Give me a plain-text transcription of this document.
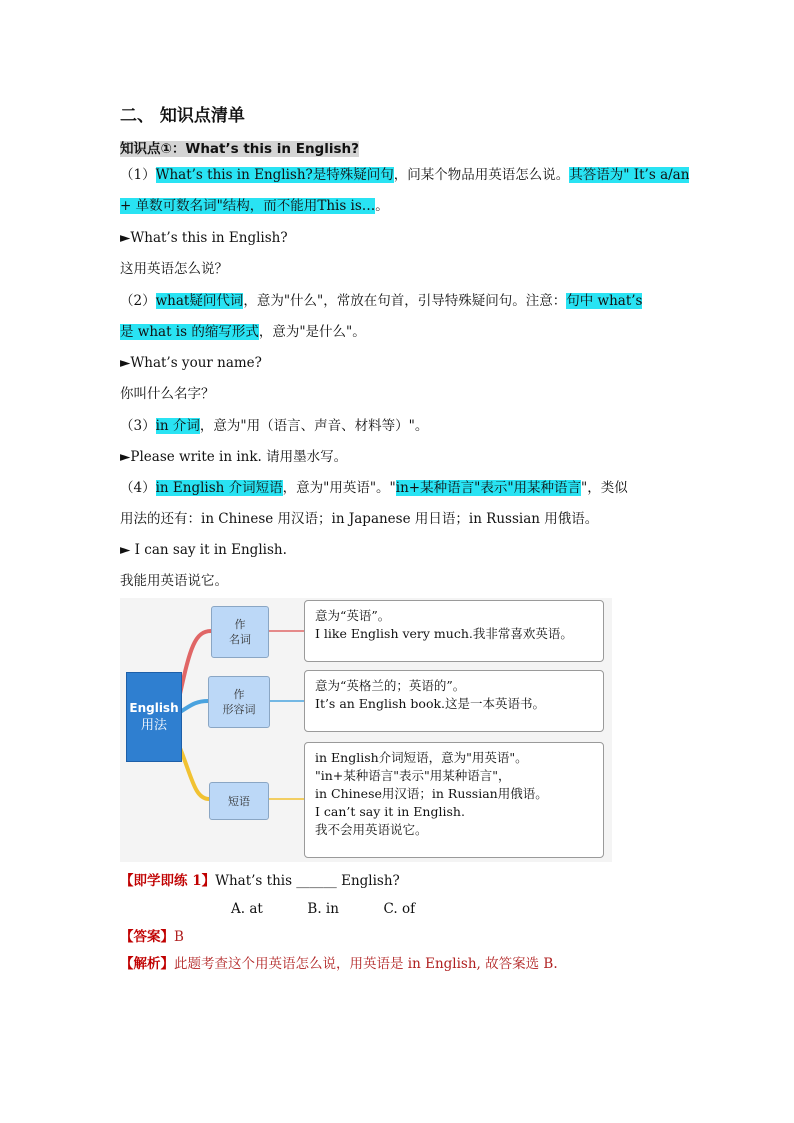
二、 知识点清单
知识点①：What’s this in English?
（1）What’s this in English?是特殊疑问句，问某个物品用英语怎么说。其答语为" It’s a/an
+ 单数可数名词"结构，而不能用This is…。
►What’s this in English?
这用英语怎么说？
（2）what疑问代词，意为"什么"，常放在句首，引导特殊疑问句。注意：句中 what’s
是 what is 的缩写形式，意为"是什么"。
►What’s your name?
你叫什么名字？
（3）in 介词，意为"用（语言、声音、材料等）"。
►Please write in ink. 请用墨水写。
（4）in English 介词短语，意为"用英语"。"in+某种语言"表示"用某种语言"，类似
用法的还有：in Chinese 用汉语；in Japanese 用日语；in Russian 用俄语。
► I can say it in English.
我能用英语说它。
English
用法
作
名词
作
形容词
短语
意为“英语”。
I like English very much.我非常喜欢英语。
意为“英格兰的；英语的”。
It’s an English book.这是一本英语书。
in English介词短语，意为"用英语"。
"in+某种语言"表示"用某种语言"，
in Chinese用汉语；in Russian用俄语。
I can’t say it in English.
我不会用英语说它。
【即学即练 1】What’s this ______ English?
A. at	B. in	C. of
【答案】B
【解析】此题考查这个用英语怎么说，用英语是 in English, 故答案选 B.
